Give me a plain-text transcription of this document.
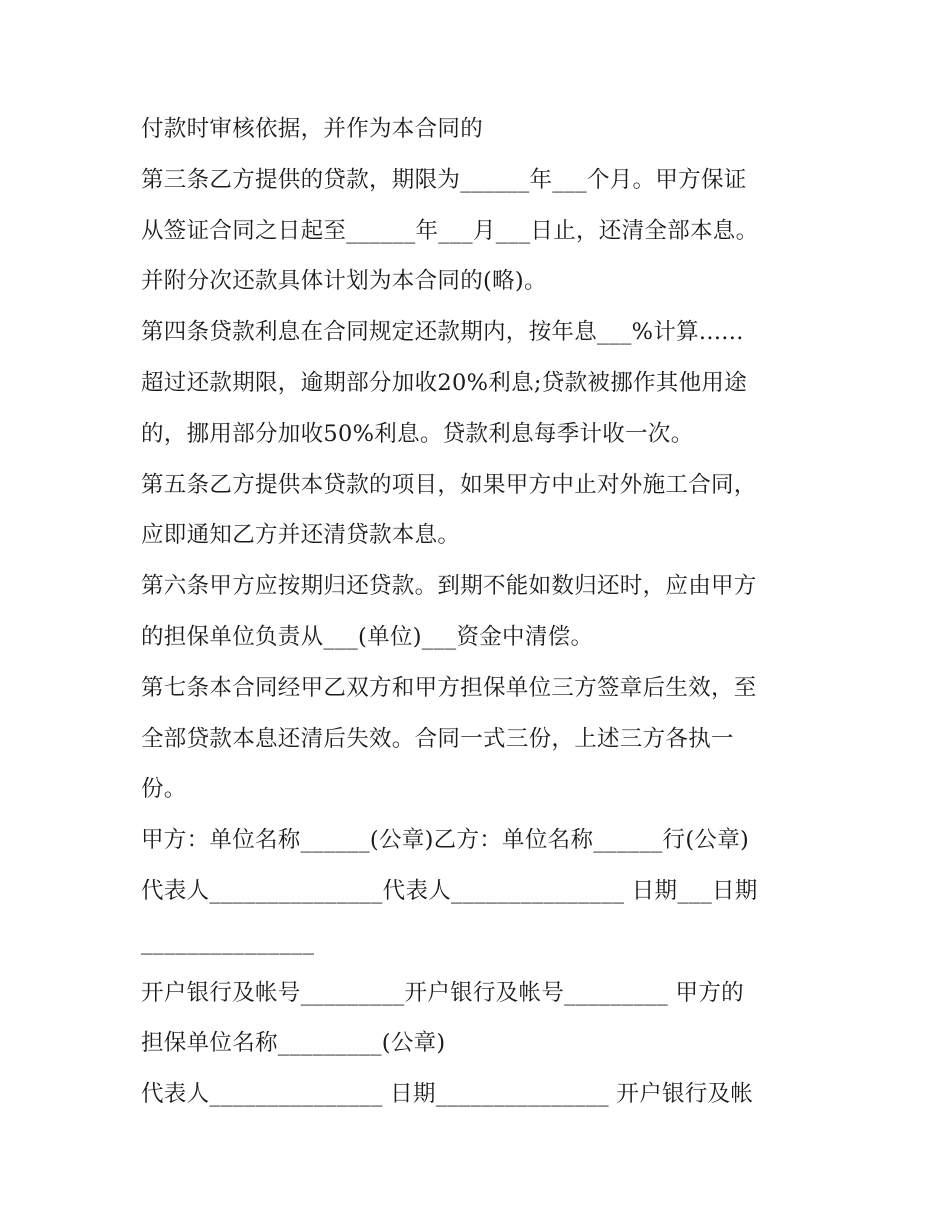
付款时审核依据，并作为本合同的
第三条乙方提供的贷款，期限为______年___个月。甲方保证
从签证合同之日起至______年___月___日止，还清全部本息。
并附分次还款具体计划为本合同的(略)。
第四条贷款利息在合同规定还款期内，按年息___%计算......
超过还款期限，逾期部分加收20%利息;贷款被挪作其他用途
的，挪用部分加收50%利息。贷款利息每季计收一次。
第五条乙方提供本贷款的项目，如果甲方中止对外施工合同，
应即通知乙方并还清贷款本息。
第六条甲方应按期归还贷款。到期不能如数归还时，应由甲方
的担保单位负责从___(单位)___资金中清偿。
第七条本合同经甲乙双方和甲方担保单位三方签章后生效，至
全部贷款本息还清后失效。合同一式三份，上述三方各执一
份。
甲方：单位名称______(公章)乙方：单位名称______行(公章)
代表人_______________代表人_______________ 日期___日期
_______________
开户银行及帐号_________开户银行及帐号_________ 甲方的
担保单位名称_________(公章)
代表人_______________ 日期_______________ 开户银行及帐
